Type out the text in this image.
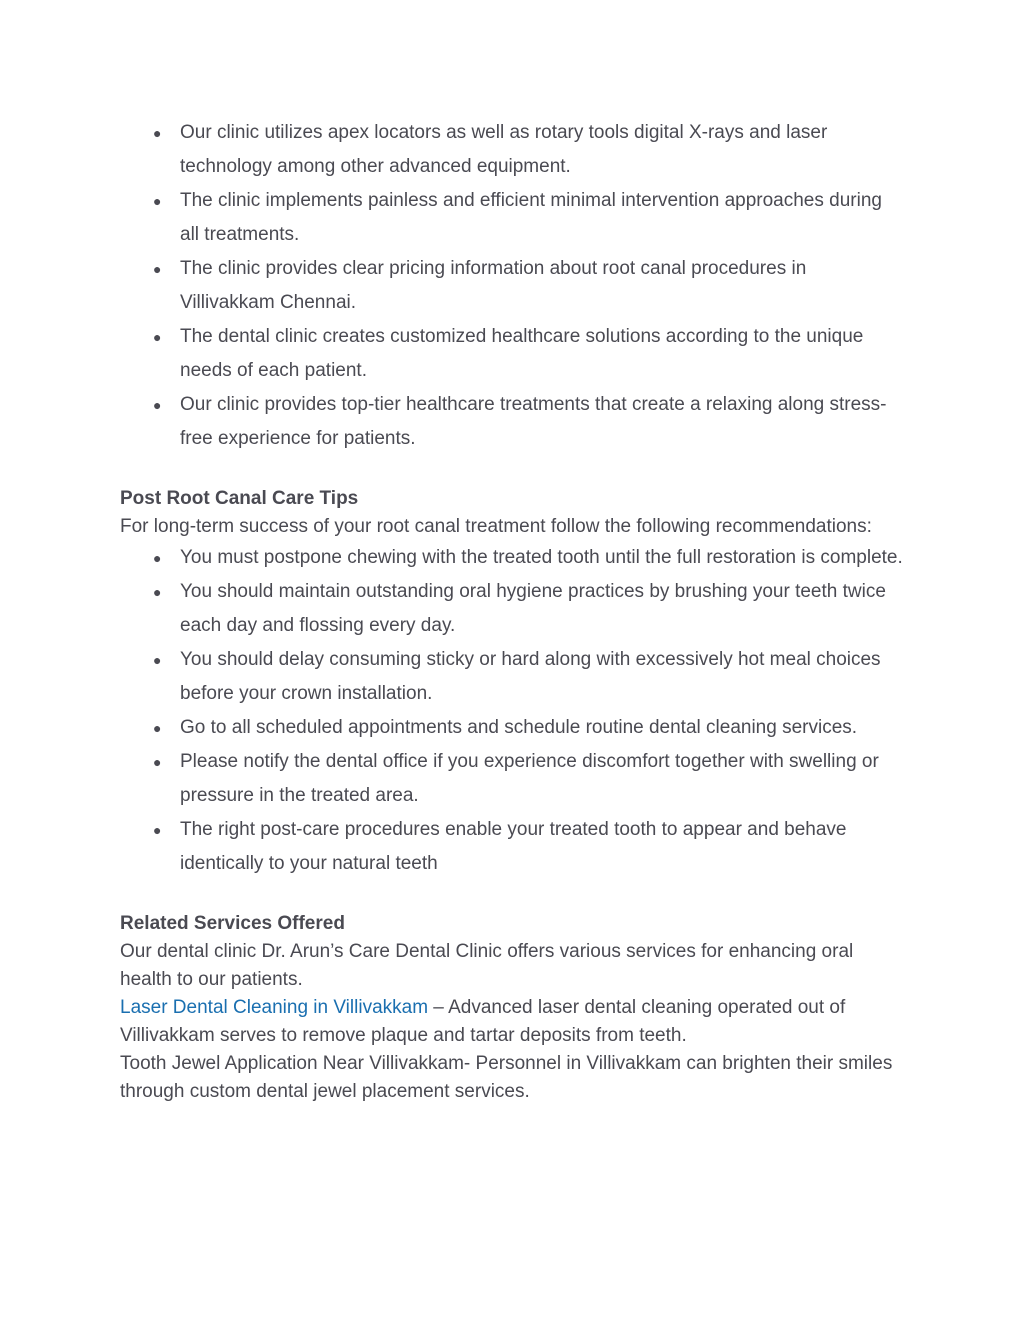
● Our clinic utilizes apex locators as well as rotary tools digital X-rays and laser technology among other advanced equipment.
● The clinic implements painless and efficient minimal intervention approaches during all treatments.
● The clinic provides clear pricing information about root canal procedures in Villivakkam Chennai.
● The dental clinic creates customized healthcare solutions according to the unique needs of each patient.
● Our clinic provides top-tier healthcare treatments that create a relaxing along stress-free experience for patients.
Post Root Canal Care Tips
For long-term success of your root canal treatment follow the following recommendations:
● You must postpone chewing with the treated tooth until the full restoration is complete.
● You should maintain outstanding oral hygiene practices by brushing your teeth twice each day and flossing every day.
● You should delay consuming sticky or hard along with excessively hot meal choices before your crown installation.
● Go to all scheduled appointments and schedule routine dental cleaning services.
● Please notify the dental office if you experience discomfort together with swelling or pressure in the treated area.
● The right post-care procedures enable your treated tooth to appear and behave identically to your natural teeth
Related Services Offered
Our dental clinic Dr. Arun’s Care Dental Clinic offers various services for enhancing oral health to our patients.
Laser Dental Cleaning in Villivakkam – Advanced laser dental cleaning operated out of Villivakkam serves to remove plaque and tartar deposits from teeth.
Tooth Jewel Application Near Villivakkam- Personnel in Villivakkam can brighten their smiles through custom dental jewel placement services.
